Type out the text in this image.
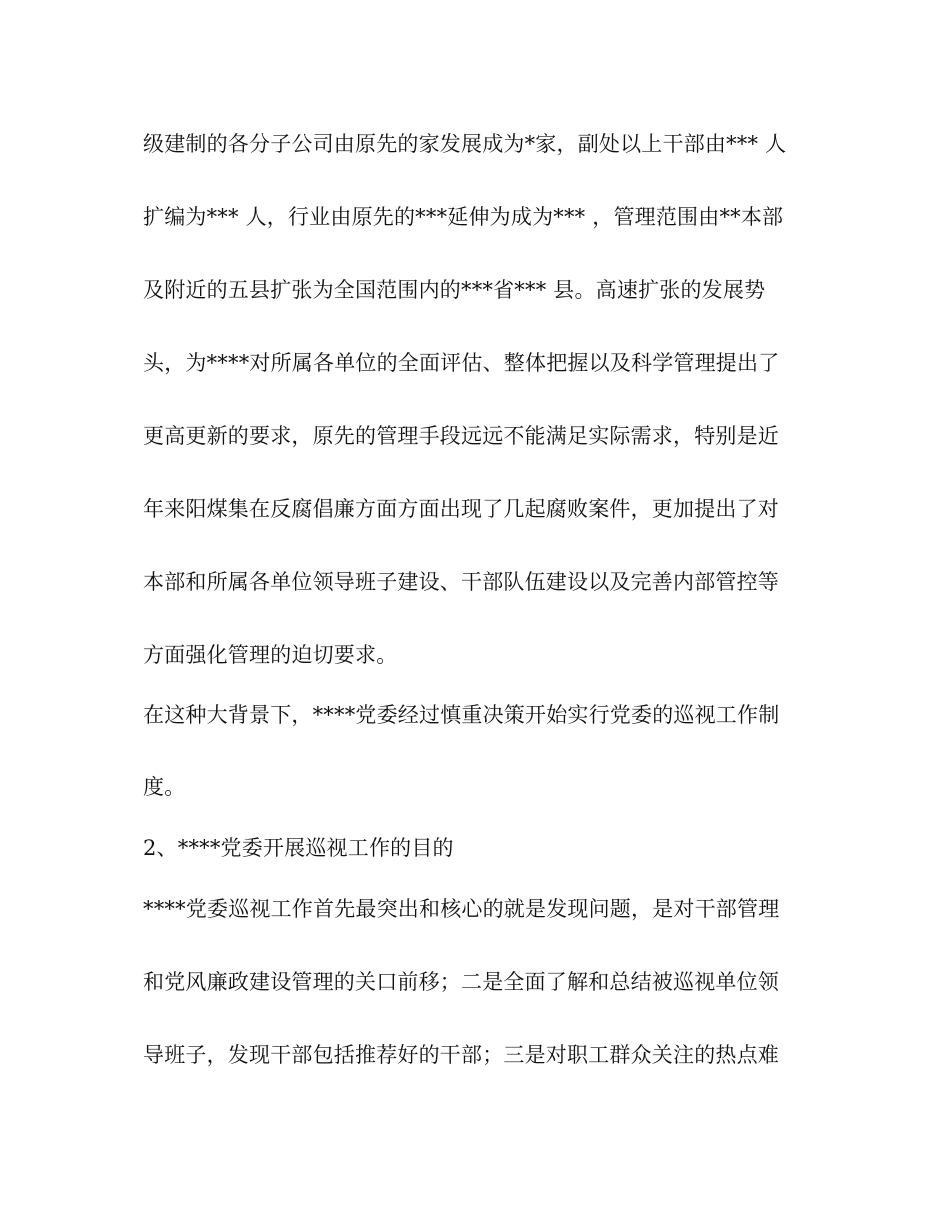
级建制的各分子公司由原先的家发展成为*家，副处以上干部由*** 人

扩编为*** 人，行业由原先的***延伸为成为*** ，管理范围由**本部

及附近的五县扩张为全国范围内的***省*** 县。高速扩张的发展势

头，为****对所属各单位的全面评估、整体把握以及科学管理提出了

更高更新的要求，原先的管理手段远远不能满足实际需求，特别是近

年来阳煤集在反腐倡廉方面方面出现了几起腐败案件，更加提出了对

本部和所属各单位领导班子建设、干部队伍建设以及完善内部管控等

方面强化管理的迫切要求。

在这种大背景下，****党委经过慎重决策开始实行党委的巡视工作制

度。

2、****党委开展巡视工作的目的

****党委巡视工作首先最突出和核心的就是发现问题，是对干部管理

和党风廉政建设管理的关口前移；二是全面了解和总结被巡视单位领

导班子，发现干部包括推荐好的干部；三是对职工群众关注的热点难
